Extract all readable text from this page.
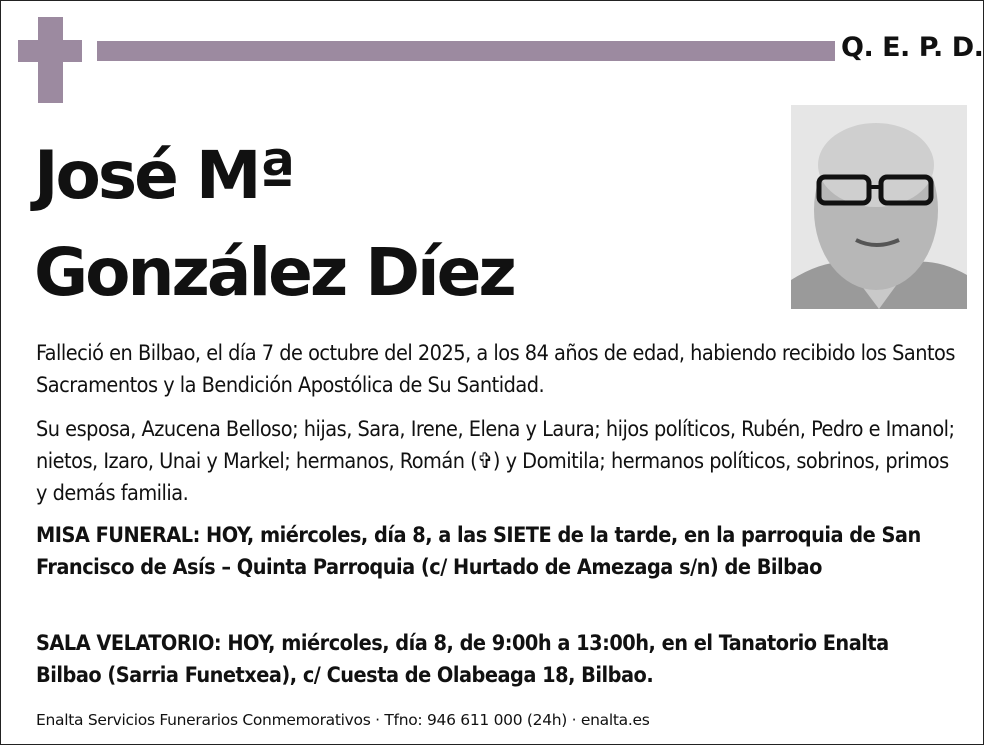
Q. E. P. D.
José Mª
González Díez
Falleció en Bilbao, el día 7 de octubre del 2025, a los 84 años de edad, habiendo recibido los Santos Sacramentos y la Bendición Apostólica de Su Santidad.
Su esposa, Azucena Belloso; hijas, Sara, Irene, Elena y Laura; hijos políticos, Rubén, Pedro e Imanol; nietos, Izaro, Unai y Markel; hermanos, Román (✞) y Domitila; hermanos políticos, sobrinos, primos y demás familia.
MISA FUNERAL: HOY, miércoles, día 8, a las SIETE de la tarde, en la parroquia de San Francisco de Asís – Quinta Parroquia (c/ Hurtado de Amezaga s/n) de Bilbao
SALA VELATORIO: HOY, miércoles, día 8, de 9:00h a 13:00h, en el Tanatorio Enalta Bilbao (Sarria Funetxea), c/ Cuesta de Olabeaga 18, Bilbao.
Enalta Servicios Funerarios Conmemorativos · Tfno: 946 611 000 (24h) · enalta.es
